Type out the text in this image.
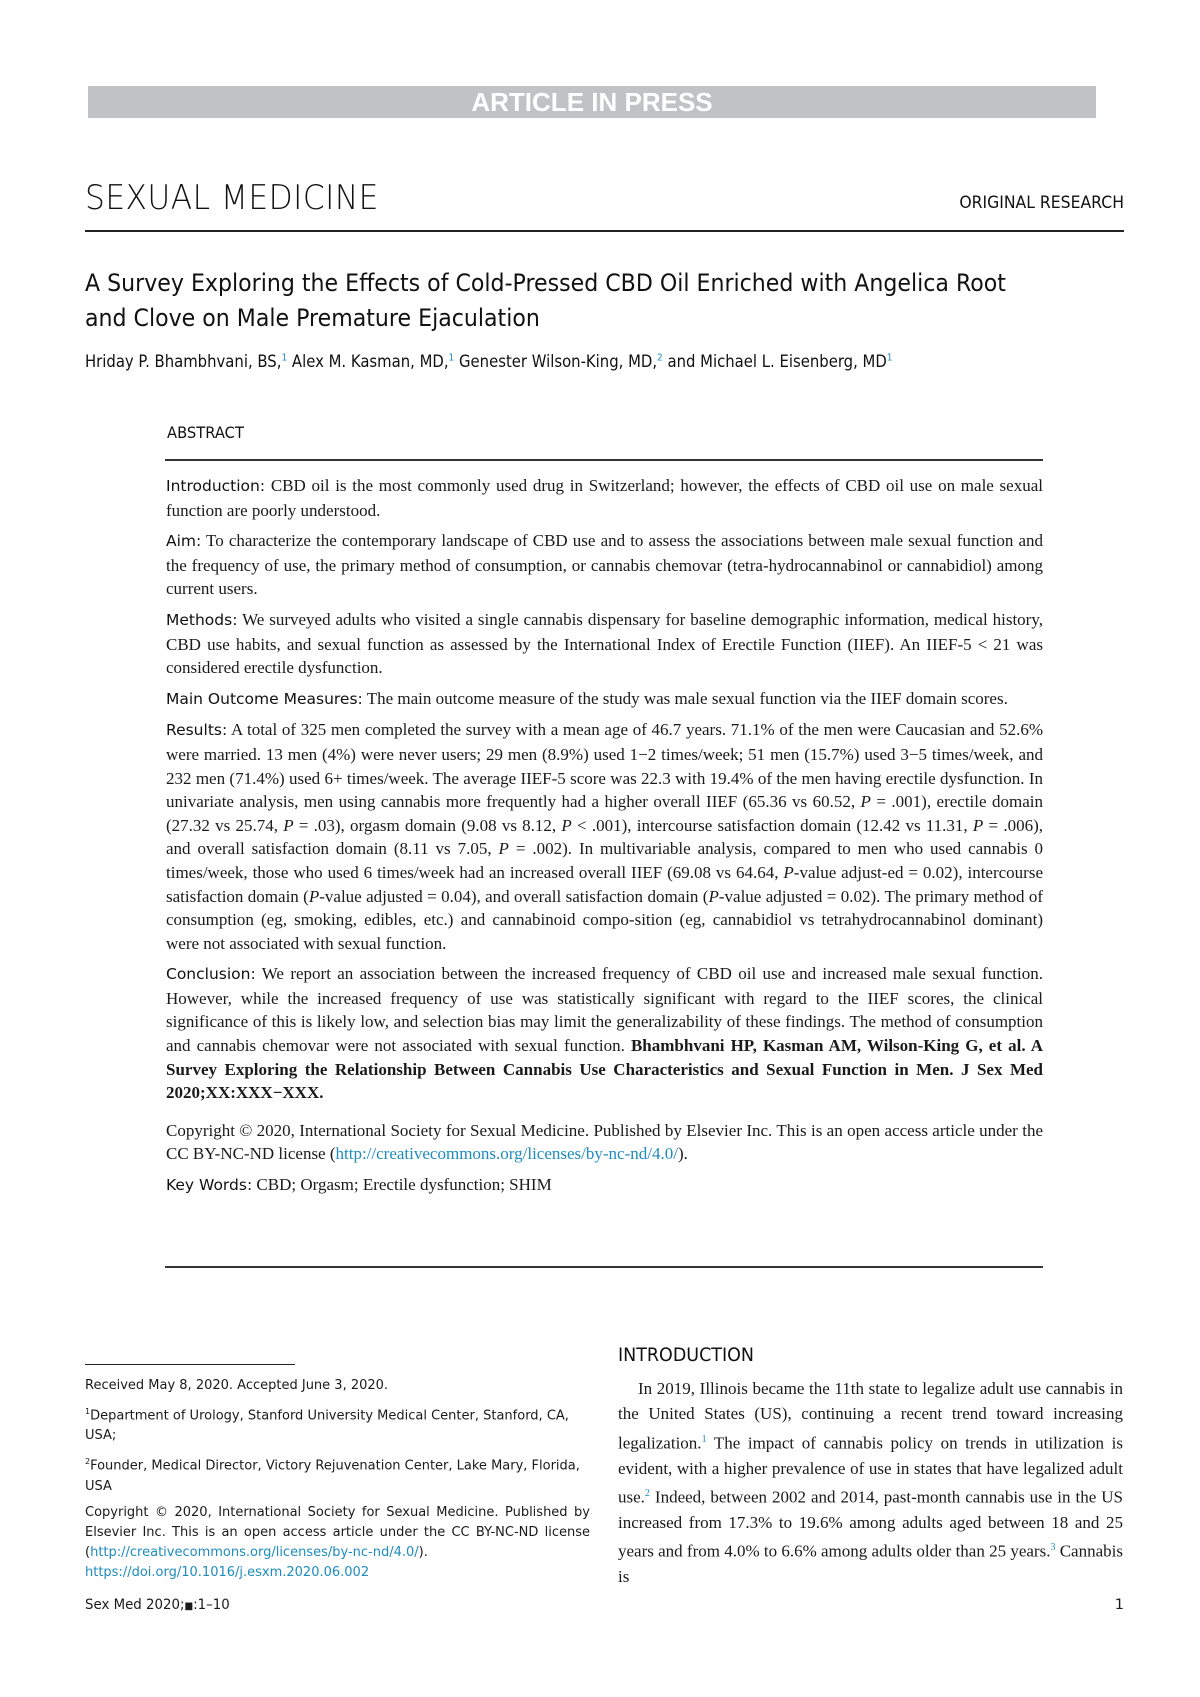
ARTICLE IN PRESS
SEXUAL MEDICINE	ORIGINAL RESEARCH
A Survey Exploring the Effects of Cold-Pressed CBD Oil Enriched with Angelica Root and Clove on Male Premature Ejaculation
Hriday P. Bhambhvani, BS,$^1$ Alex M. Kasman, MD,$^1$ Genester Wilson-King, MD,$^2$ and Michael L. Eisenberg, $MD^1$
ABSTRACT

Introduction: CBD oil is the most commonly used drug in Switzerland; however, the effects of CBD oil use on male sexual function are poorly understood.

Aim: To characterize the contemporary landscape of CBD use and to assess the associations between male sexual function and the frequency of use, the primary method of consumption, or cannabis chemovar (tetra-hydrocannabinol or cannabidiol) among current users.

Methods: We surveyed adults who visited a single cannabis dispensary for baseline demographic information, medical history, CBD use habits, and sexual function as assessed by the International Index of Erectile Function (IIEF). An IIEF-5 < 21 was considered erectile dysfunction.

Main Outcome Measures: The main outcome measure of the study was male sexual function via the IIEF domain scores.

Results: A total of 325 men completed the survey with a mean age of 46.7 years. 71.1% of the men were Caucasian and 52.6% were married. 13 men (4%) were never users; 29 men (8.9%) used 1−2 times/week; 51 men (15.7%) used 3−5 times/week, and 232 men (71.4%) used 6+ times/week. The average IIEF-5 score was 22.3 with 19.4% of the men having erectile dysfunction. In univariate analysis, men using cannabis more frequently had a higher overall IIEF (65.36 vs 60.52, P = .001), erectile domain (27.32 vs 25.74, P = .03), orgasm domain (9.08 vs 8.12, P < .001), intercourse satisfaction domain (12.42 vs 11.31, P = .006), and overall satisfaction domain (8.11 vs 7.05, P = .002). In multivariable analysis, compared to men who used cannabis 0 times/week, those who used 6 times/week had an increased overall IIEF (69.08 vs 64.64, P-value adjust-ed = 0.02), intercourse satisfaction domain (P-value adjusted = 0.04), and overall satisfaction domain (P-value adjusted = 0.02). The primary method of consumption (eg, smoking, edibles, etc.) and cannabinoid compo-sition (eg, cannabidiol vs tetrahydrocannabinol dominant) were not associated with sexual function.

Conclusion: We report an association between the increased frequency of CBD oil use and increased male sexual function. However, while the increased frequency of use was statistically significant with regard to the IIEF scores, the clinical significance of this is likely low, and selection bias may limit the generalizability of these findings. The method of consumption and cannabis chemovar were not associated with sexual function. Bhambhvani HP, Kasman AM, Wilson-King G, et al. A Survey Exploring the Relationship Between Cannabis Use Characteristics and Sexual Function in Men. J Sex Med 2020;XX:XXX−XXX.

Copyright © 2020, International Society for Sexual Medicine. Published by Elsevier Inc. This is an open access article under the CC BY-NC-ND license (http://creativecommons.org/licenses/by-nc-nd/4.0/).

Key Words: CBD; Orgasm; Erectile dysfunction; SHIM

Received May 8, 2020. Accepted June 3, 2020.

$^1$Department of Urology, Stanford University Medical Center, Stanford, CA, USA;

$^2$Founder, Medical Director, Victory Rejuvenation Center, Lake Mary, Florida, USA

Copyright © 2020, International Society for Sexual Medicine. Published by Elsevier Inc. This is an open access article under the CC BY-NC-ND license (http://creativecommons.org/licenses/by-nc-nd/4.0/).

https://doi.org/10.1016/j.esxm.2020.06.002

INTRODUCTION

In 2019, Illinois became the 11th state to legalize adult use cannabis in the United States (US), continuing a recent trend toward increasing legalization.$^1$ The impact of cannabis policy on trends in utilization is evident, with a higher prevalence of use in states that have legalized adult use.$^2$ Indeed, between 2002 and 2014, past-month cannabis use in the US increased from 17.3% to 19.6% among adults aged between 18 and 25 years and from 4.0% to 6.6% among adults older than 25 years.$^3$ Cannabis is

Sex Med 2020;■:1–10	1
